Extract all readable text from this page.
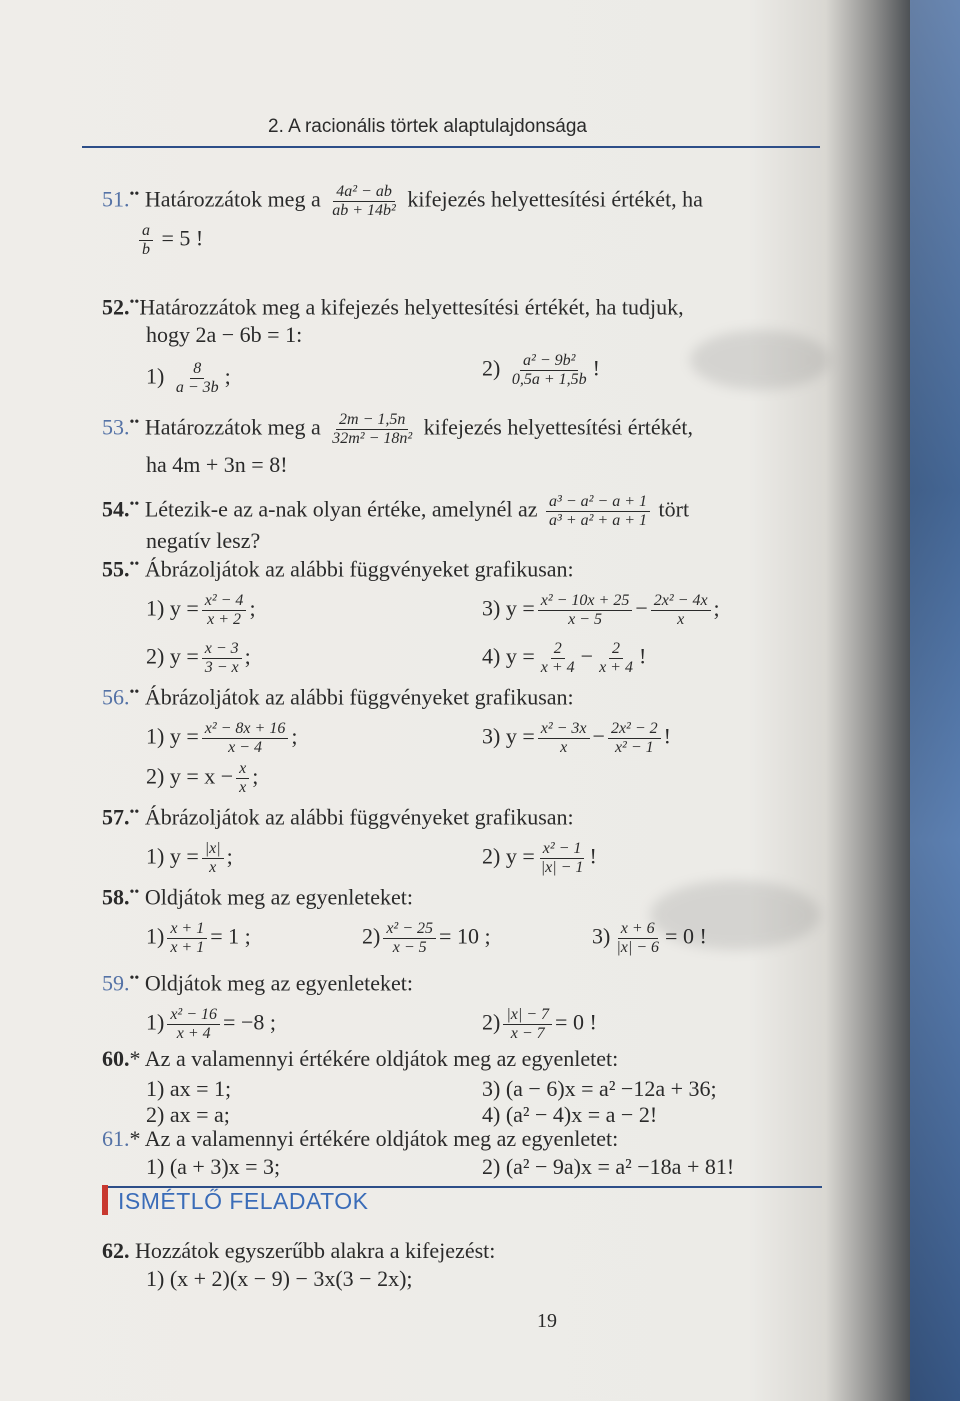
2. A racionális törtek alaptulajdonsága
51.•• Határozzátok meg a $\frac{\text{4a² − ab}}{\text{ab + 14b²}}$ kifejezés helyettesítési értékét, ha
$\frac{a}{b} = 5$ !
52.••Határozzátok meg a kifejezés helyettesítési értékét, ha tudjuk,
hogy 2a − 6b = 1:
$1) \frac{8}{a - 3b}$ ;	$2) \frac{\text{a² − 9b²}}{0,5a + 1,5b}$ !
53.•• Határozzátok meg a $\frac{2m - 1,5n}{\text{32m² − 18n²}}$ kifejezés helyettesítési értékét,
ha 4m + 3n = 8!
54.•• Létezik-e az a-nak olyan értéke, amelynél az $\frac{\text{a³ − a² − a + 1}}{\text{a³ + a² + a + 1}}$ tört
negatív lesz?
55.•• Ábrázoljátok az alábbi függvényeket grafikusan:
1) $y = \frac{\text{x² − 4}}{x + 2}$ ;	3) $y = \frac{\text{x² − 10x + 25}}{x - 5} - \frac{\text{2x² − 4x}}{x}$ ;
2) $y = \frac{x - 3}{3 - x}$ ;	4) $y = \frac{2}{x + 4} - \frac{2}{x + 4}$ !
56.•• Ábrázoljátok az alábbi függvényeket grafikusan:
1) $y = \frac{\text{x² − 8x + 16}}{x - 4}$ ;	3) $y = \frac{\text{x² − 3x}}{x} - \frac{\text{2x² − 2}}{\text{x² − 1}}$ !
2) $y = x - \frac{x}{x}$ ;
57.•• Ábrázoljátok az alábbi függvényeket grafikusan:
1) $y = \frac{|x|}{x}$ ;	2) $y = \frac{\text{x² − 1}}{|x| - 1}$ !
58.•• Oldjátok meg az egyenleteket:
$1) \frac{x + 1}{x + 1} = 1$ ;	$2) \frac{\text{x² − 25}}{x - 5} = 10$ ;	$3) \frac{x + 6}{|x| - 6} = 0$ !
59.•• Oldjátok meg az egyenleteket:
$1) \frac{\text{x² − 16}}{x + 4} = -8$ ;	$2) \frac{|x| - 7}{x - 7} = 0$ !
60.* Az a valamennyi értékére oldjátok meg az egyenletet:
1) ax = 1;	3) (a − 6)x = a² −12a + 36;
2) ax = a;	4) (a² − 4)x = a − 2!
61.* Az a valamennyi értékére oldjátok meg az egyenletet:
1) (a + 3)x = 3;	2) (a² − 9a)x = a² −18a + 81!
ISMÉTLŐ FELADATOK
62. Hozzátok egyszerűbb alakra a kifejezést:
1) (x + 2)(x − 9) − 3x(3 − 2x);
19
